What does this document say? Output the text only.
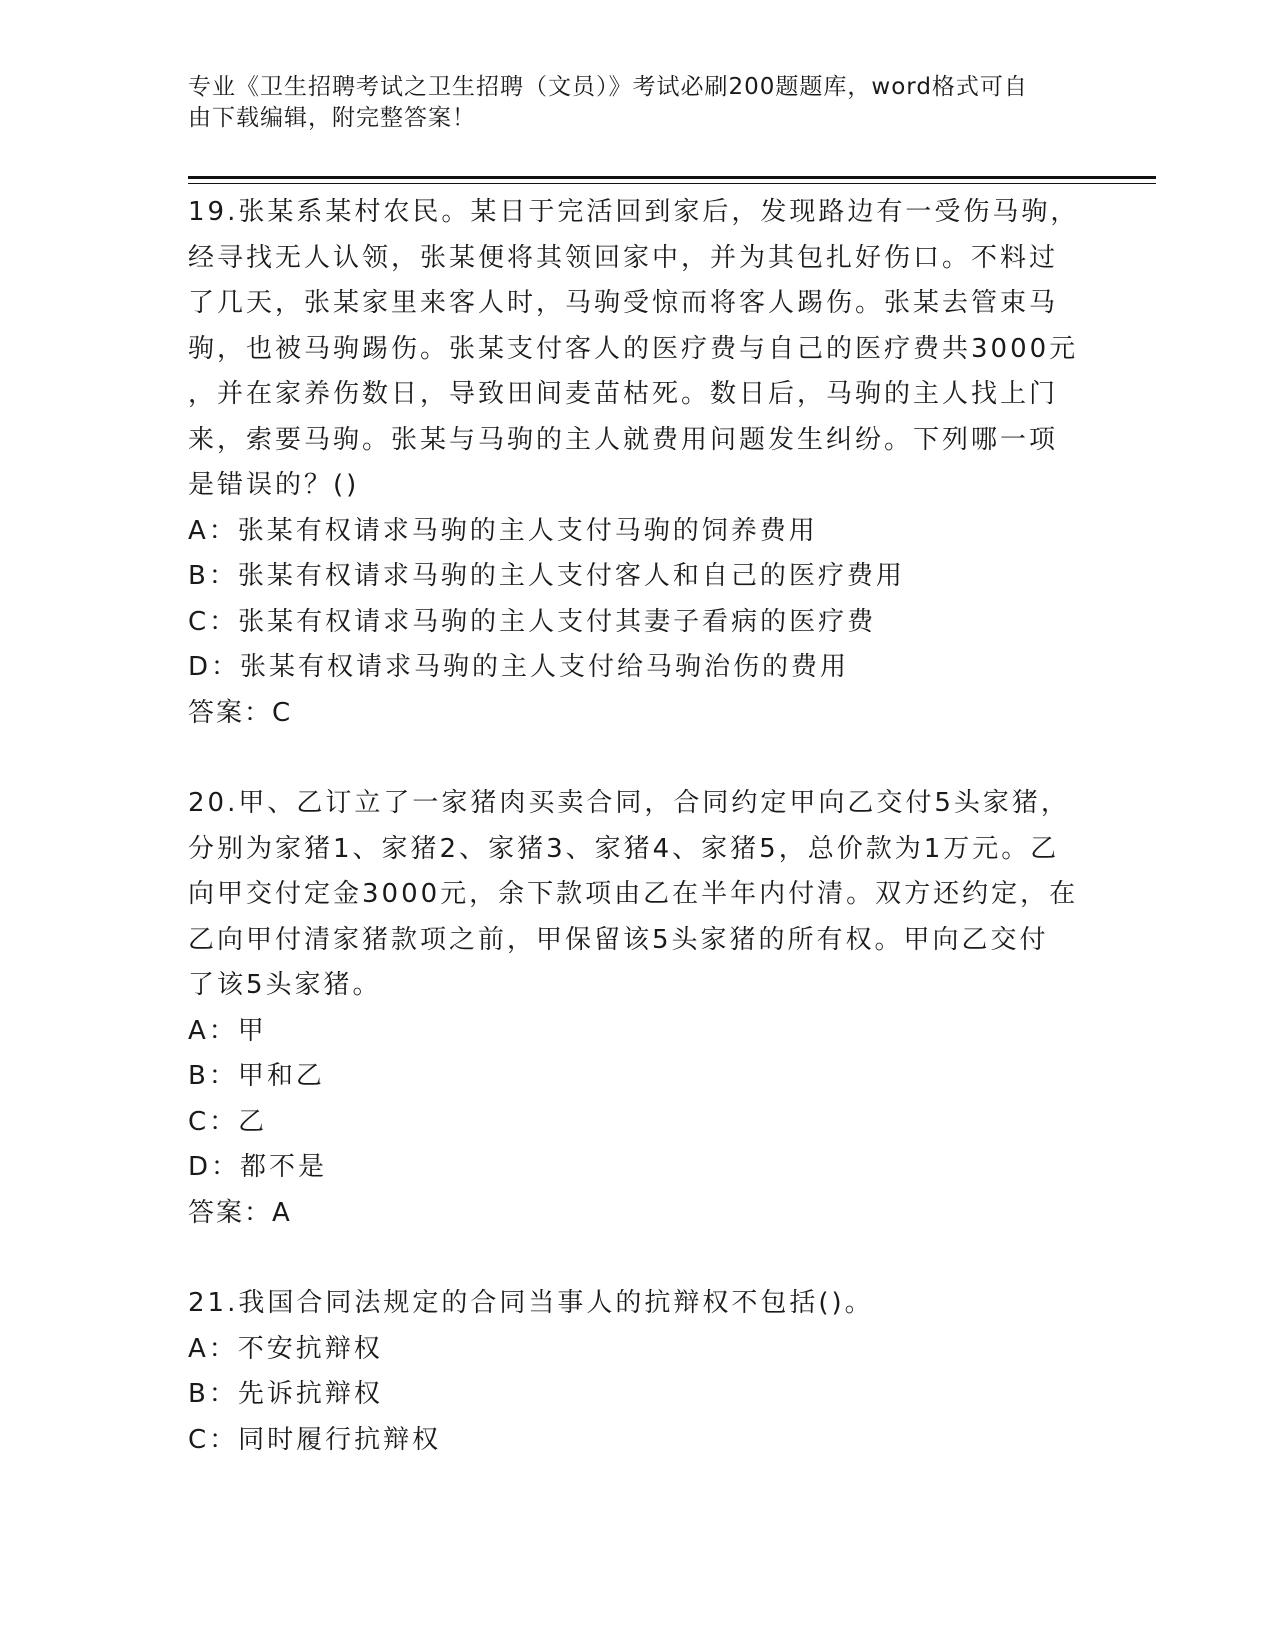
专业《卫生招聘考试之卫生招聘（文员）》考试必刷200题题库，word格式可自
由下载编辑，附完整答案！

19.张某系某村农民。某日于完活回到家后，发现路边有一受伤马驹，
经寻找无人认领，张某便将其领回家中，并为其包扎好伤口。不料过
了几天，张某家里来客人时，马驹受惊而将客人踢伤。张某去管束马
驹，也被马驹踢伤。张某支付客人的医疗费与自己的医疗费共3000元
，并在家养伤数日，导致田间麦苗枯死。数日后，马驹的主人找上门
来，索要马驹。张某与马驹的主人就费用问题发生纠纷。下列哪一项
是错误的？()

A：张某有权请求马驹的主人支付马驹的饲养费用

B：张某有权请求马驹的主人支付客人和自己的医疗费用

C：张某有权请求马驹的主人支付其妻子看病的医疗费

D：张某有权请求马驹的主人支付给马驹治伤的费用

答案：C

20.甲、乙订立了一家猪肉买卖合同，合同约定甲向乙交付5头家猪，
分别为家猪1、家猪2、家猪3、家猪4、家猪5，总价款为1万元。乙
向甲交付定金3000元，余下款项由乙在半年内付清。双方还约定，在
乙向甲付清家猪款项之前，甲保留该5头家猪的所有权。甲向乙交付
了该5头家猪。

A：甲

B：甲和乙

C：乙

D：都不是

答案：A

21.我国合同法规定的合同当事人的抗辩权不包括()。

A：不安抗辩权

B：先诉抗辩权

C：同时履行抗辩权
